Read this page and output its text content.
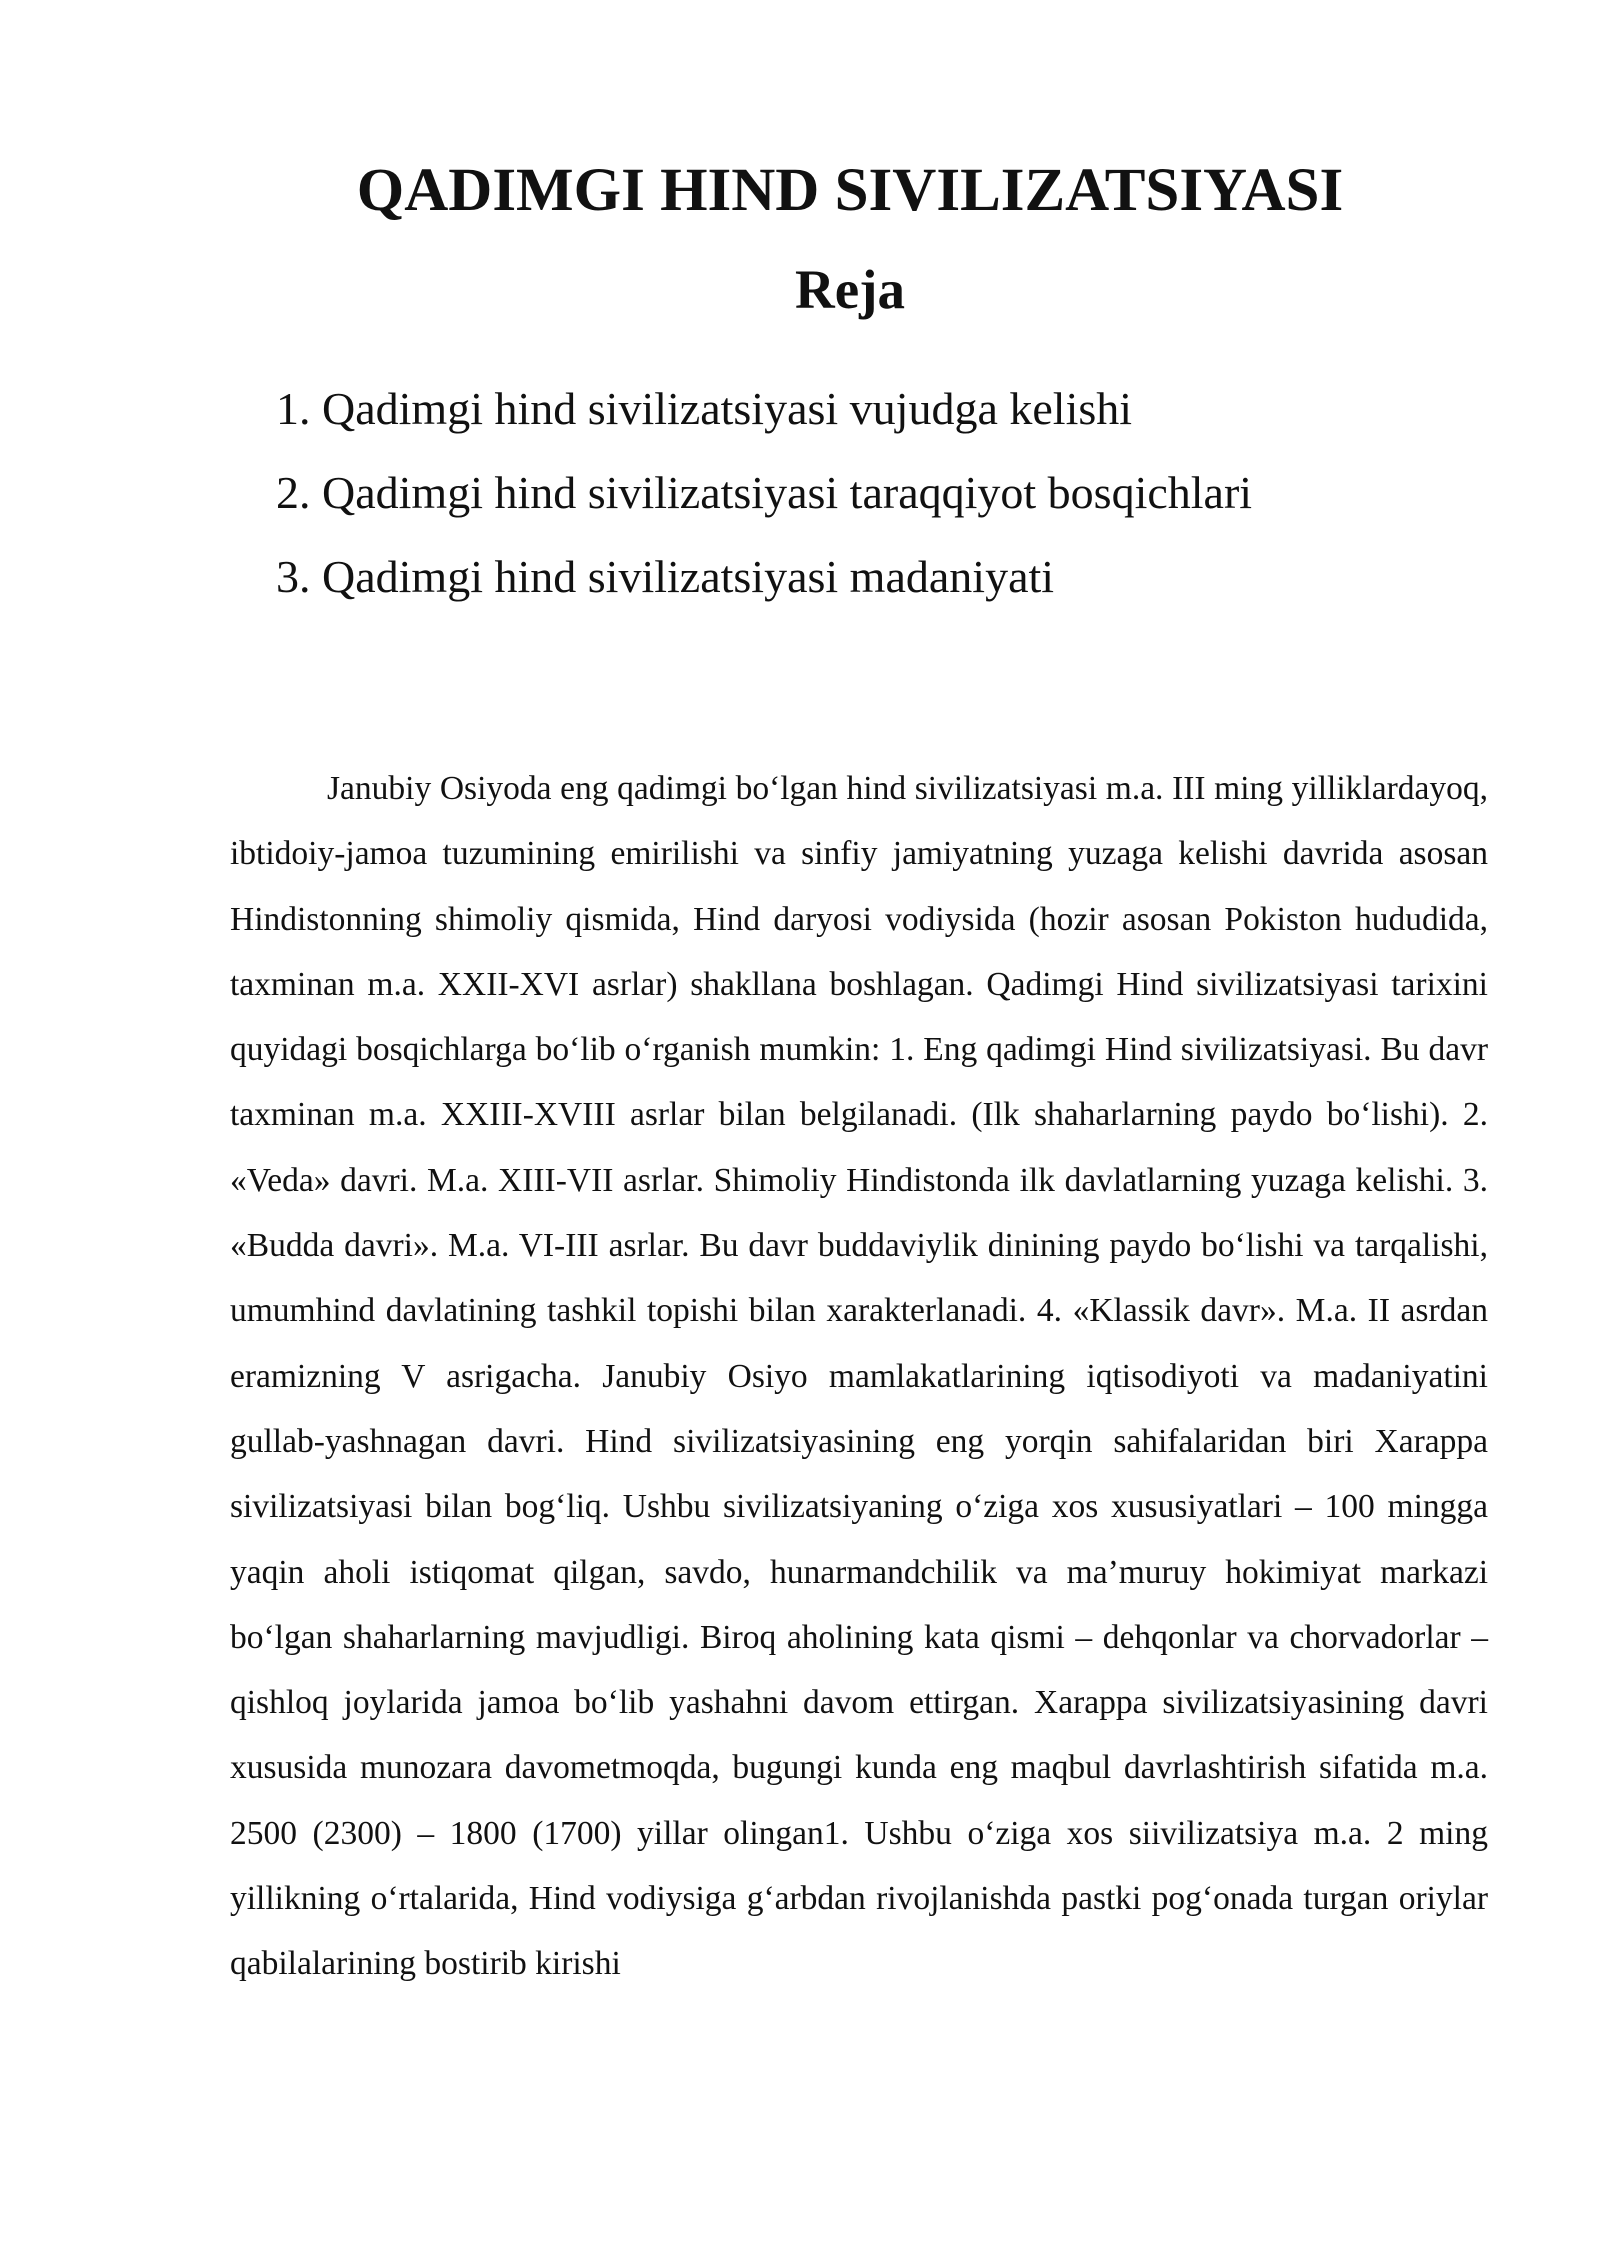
QADIMGI HIND SIVILIZATSIYASI
Reja
1. Qadimgi hind sivilizatsiyasi vujudga kelishi
2. Qadimgi hind sivilizatsiyasi taraqqiyot bosqichlari
3. Qadimgi hind sivilizatsiyasi madaniyati

Janubiy Osiyoda eng qadimgi bo‘lgan hind sivilizatsiyasi m.a. III ming yilliklardayoq, ibtidoiy-jamoa tuzumining emirilishi va sinfiy jamiyatning yuzaga kelishi davrida asosan Hindistonning shimoliy qismida, Hind daryosi vodiysida (hozir asosan Pokiston hududida, taxminan m.a. XXII-XVI asrlar) shakllana boshlagan. Qadimgi Hind sivilizatsiyasi tarixini quyidagi bosqichlarga bo‘lib o‘rganish mumkin: 1. Eng qadimgi Hind sivilizatsiyasi. Bu davr taxminan m.a. XXIII-XVIII asrlar bilan belgilanadi. (Ilk shaharlarning paydo bo‘lishi). 2. «Veda» davri. M.a. XIII-VII asrlar. Shimoliy Hindistonda ilk davlatlarning yuzaga kelishi. 3. «Budda davri». M.a. VI-III asrlar. Bu davr buddaviylik dinining paydo bo‘lishi va tarqalishi, umumhind davlatining tashkil topishi bilan xarakterlanadi. 4. «Klassik davr». M.a. II asrdan eramizning V asrigacha. Janubiy Osiyo mamlakatlarining iqtisodiyoti va madaniyatini gullab-yashnagan davri. Hind sivilizatsiyasining eng yorqin sahifalaridan biri Xarappa sivilizatsiyasi bilan bog‘liq. Ushbu sivilizatsiyaning o‘ziga xos xususiyatlari – 100 mingga yaqin aholi istiqomat qilgan, savdo, hunarmandchilik va ma’muruy hokimiyat markazi bo‘lgan shaharlarning mavjudligi. Biroq aholining kata qismi – dehqonlar va chorvadorlar – qishloq joylarida jamoa bo‘lib yashahni davom ettirgan. Xarappa sivilizatsiyasining davri xususida munozara davometmoqda, bugungi kunda eng maqbul davrlashtirish sifatida m.a. 2500 (2300) – 1800 (1700) yillar olingan1. Ushbu o‘ziga xos siivilizatsiya m.a. 2 ming yillikning o‘rtalarida, Hind vodiysiga g‘arbdan rivojlanishda pastki pog‘onada turgan oriylar qabilalarining bostirib kirishi
